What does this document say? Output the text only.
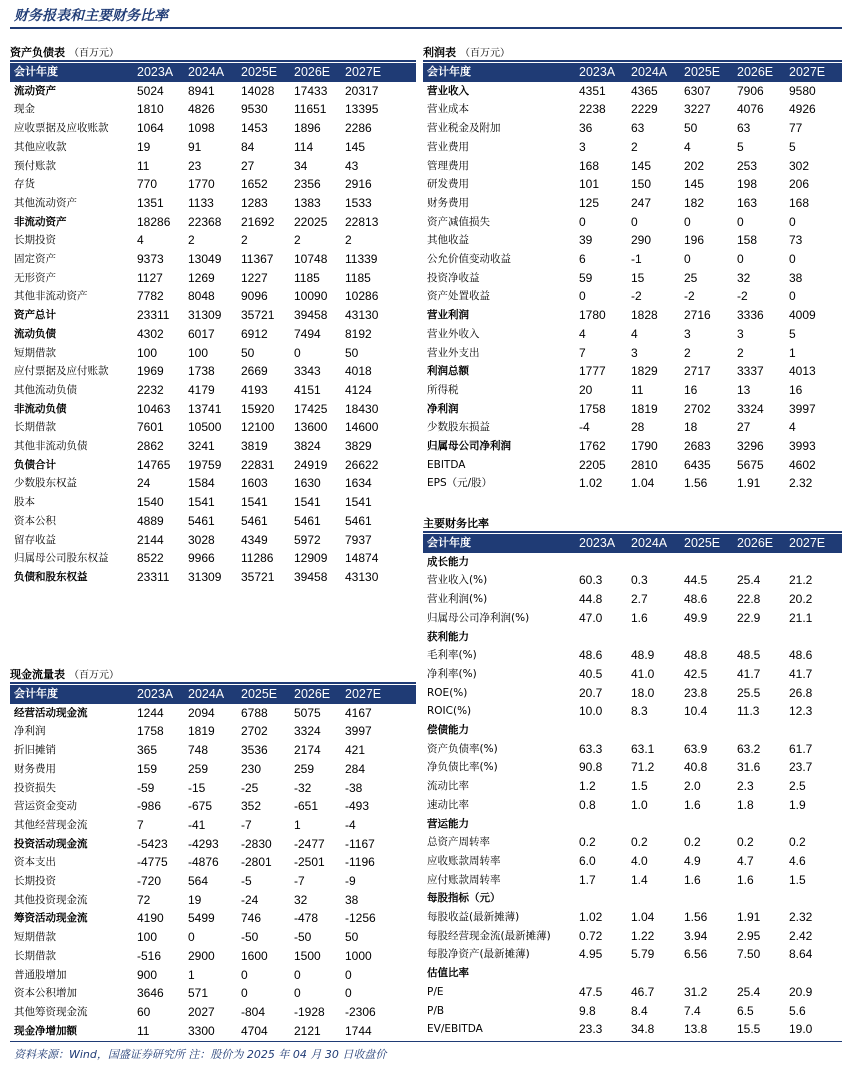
财务报表和主要财务比率
资产负债表 （百万元）
会计年度	2023A 2024A 2025E 2026E 2027E
流动资产	5024 8941 14028 17433 20317
现金	1810 4826 9530 11651 13395
应收票据及应收账款 1064 1098 1453 1896 2286
其他应收款	19	91	84	114	145
预付账款	11	23	27	34	43
存货	770	1770 1652 2356 2916
其他流动资产	1351 1133 1283 1383 1533
非流动资产	18286 22368 21692 22025 22813
长期投资	4	2	2	2	2
固定资产	9373 13049 11367 10748 11339
无形资产	1127 1269 1227 1185 1185
其他非流动资产	7782 8048 9096 10090 10286
资产总计	23311 31309 35721 39458 43130
流动负债	4302 6017 6912 7494 8192
短期借款	100	100	50	0	50
应付票据及应付账款 1969 1738 2669 3343 4018
其他流动负债	2232 4179 4193 4151 4124
非流动负债	10463 13741 15920 17425 18430
长期借款	7601 10500 12100 13600 14600
其他非流动负债	2862 3241 3819 3824 3829
负债合计	14765 19759 22831 24919 26622
少数股东权益	24	1584 1603 1630 1634
股本	1540 1541 1541 1541 1541
资本公积	4889 5461 5461 5461 5461
留存收益	2144 3028 4349 5972 7937
归属母公司股东权益 8522 9966 11286 12909 14874
负债和股东权益	23311 31309 35721 39458 43130
利润表 （百万元）
会计年度	2023A 2024A 2025E 2026E 2027E
营业收入	4351 4365 6307 7906 9580
营业成本	2238 2229 3227 4076 4926
营业税金及附加	36	63	50	63	77
营业费用	3	2	4	5	5
管理费用	168	145	202	253	302
研发费用	101	150	145	198	206
财务费用	125	247	182	163	168
资产减值损失	0	0	0	0	0
其他收益	39	290	196	158	73
公允价值变动收益	6	-1	0	0	0
投资净收益	59	15	25	32	38
资产处置收益	0	-2	-2	-2	0
营业利润	1780 1828 2716 3336 4009
营业外收入	4	4	3	3	5
营业外支出	7	3	2	2	1
利润总额	1777 1829 2717 3337 4013
所得税	20	11	16	13	16
净利润	1758 1819 2702 3324 3997
少数股东损益	-4	28	18	27	4
归属母公司净利润	1762 1790 2683 3296 3993
EBITDA	2205 2810 6435 5675 4602
EPS（元/股）	1.02 1.04 1.56 1.91 2.32
现金流量表 （百万元）
会计年度	2023A 2024A 2025E 2026E 2027E
经营活动现金流	1244 2094 6788 5075 4167
净利润	1758 1819 2702 3324 3997
折旧摊销	365	748	3536 2174 421
财务费用	159	259	230	259	284
投资损失	-59	-15	-25	-32	-38
营运资金变动	-986 -675 352	-651 -493
其他经营现金流	7	-41	-7	1	-4
投资活动现金流	-5423 -4293 -2830 -2477 -1167
资本支出	-4775 -4876 -2801 -2501 -1196
长期投资	-720 564	-5	-7	-9
其他投资现金流	72	19	-24	32	38
筹资活动现金流	4190 5499 746	-478 -1256
短期借款	100	0	-50	-50	50
长期借款	-516 2900 1600 1500 1000
普通股增加	900	1	0	0	0
资本公积增加	3646 571	0	0	0
其他筹资现金流	60	2027 -804 -1928 -2306
现金净增加额	11	3300 4704 2121 1744
主要财务比率
会计年度	2023A 2024A 2025E 2026E 2027E
成长能力
营业收入(%)	60.3 0.3	44.5 25.4 21.2
营业利润(%)	44.8 2.7	48.6 22.8 20.2
归属母公司净利润(%)	47.0 1.6	49.9 22.9 21.1
获利能力
毛利率(%)	48.6 48.9 48.8 48.5 48.6
净利率(%)	40.5 41.0 42.5 41.7 41.7
ROE(%)	20.7 18.0 23.8 25.5 26.8
ROIC(%)	10.0 8.3	10.4 11.3 12.3
偿债能力
资产负债率(%)	63.3 63.1 63.9 63.2 61.7
净负债比率(%)	90.8 71.2 40.8 31.6 23.7
流动比率	1.2	1.5	2.0	2.3	2.5
速动比率	0.8	1.0	1.6	1.8	1.9
营运能力
总资产周转率	0.2	0.2	0.2	0.2	0.2
应收账款周转率	6.0	4.0	4.9	4.7	4.6
应付账款周转率	1.7	1.4	1.6	1.6	1.5
每股指标（元）
每股收益(最新摊薄)	1.02 1.04 1.56 1.91 2.32
每股经营现金流(最新摊薄) 0.72 1.22 3.94 2.95 2.42
每股净资产(最新摊薄)	4.95 5.79 6.56 7.50 8.64
估值比率
P/E	47.5 46.7 31.2 25.4 20.9
P/B	9.8	8.4	7.4	6.5	5.6
EV/EBITDA	23.3 34.8 13.8 15.5 19.0
资料来源：Wind，国盛证券研究所 注：股价为 2025 年 04 月 30 日收盘价
